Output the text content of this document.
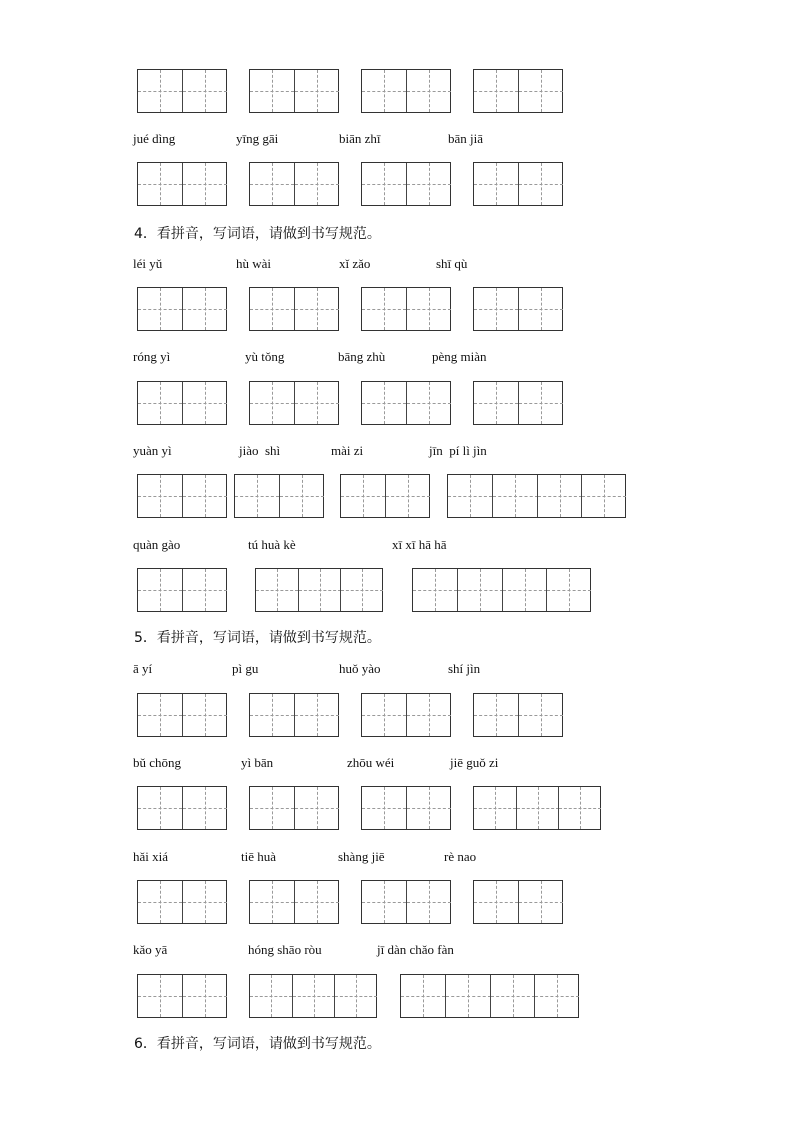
jué dìng	yīng gāi	biān zhī	bān jiā
4．看拼音，写词语，请做到书写规范。
léi yǔ	hù wài	xǐ zǎo	shī qù
róng yì	yù tǒng	bāng zhù	pèng miàn
yuàn yì	jiào  shì	mài zi	jīn  pí lì jìn
quàn gào	tú huà kè	xī xī hā hā
5．看拼音，写词语，请做到书写规范。
ā yí	pì gu	huǒ yào	shí jìn
bǔ chōng	yì bān	zhōu wéi	jiē guǒ zi
hǎi xiá	tiē huà	shàng jiē	rè nao
kǎo yā	hóng shāo ròu	jī dàn chǎo fàn
6．看拼音，写词语，请做到书写规范。
